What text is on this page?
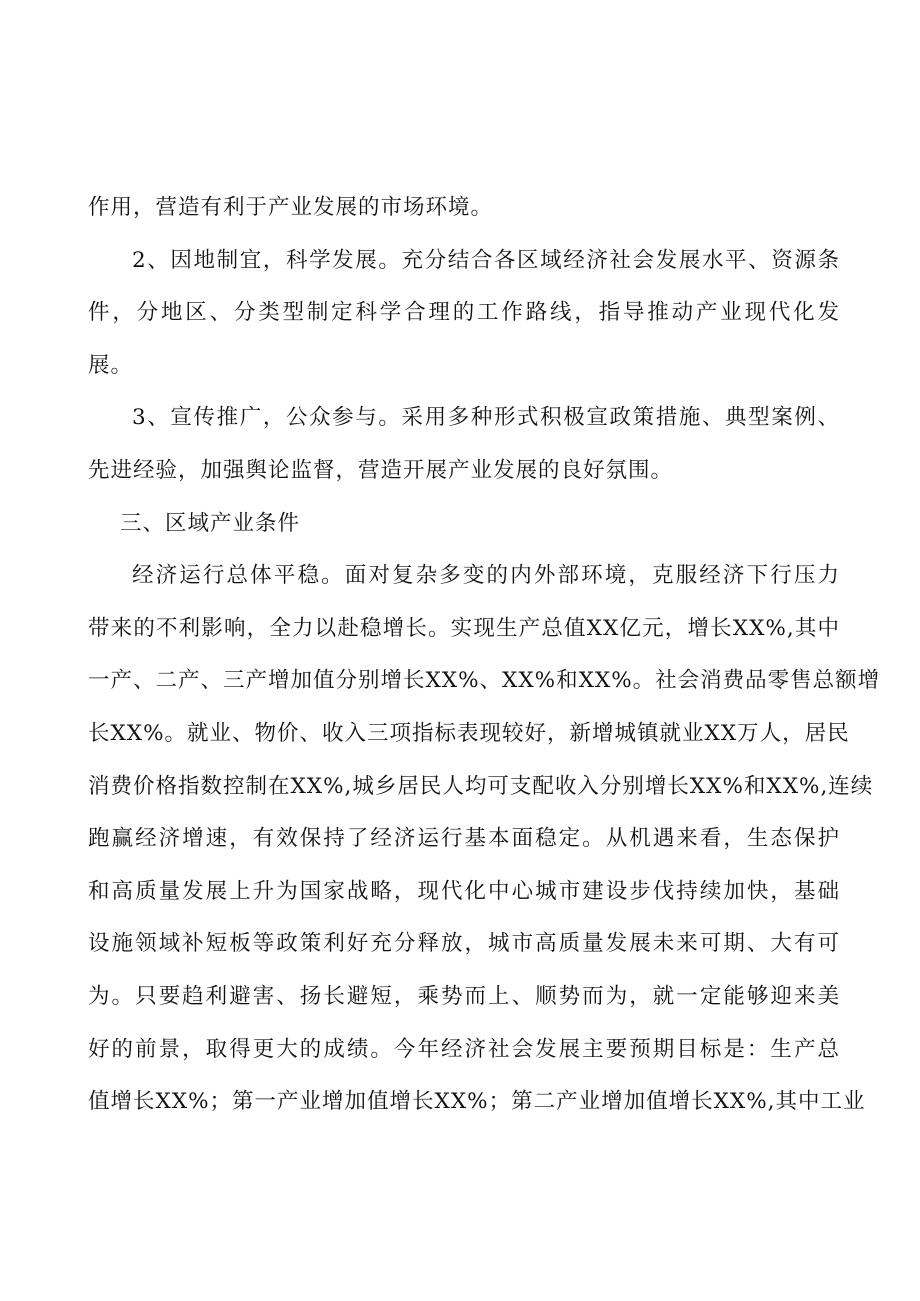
作用，营造有利于产业发展的市场环境。
2、因地制宜，科学发展。充分结合各区域经济社会发展水平、资源条
件，分地区、分类型制定科学合理的工作路线，指导推动产业现代化发
展。
3、宣传推广，公众参与。采用多种形式积极宣政策措施、典型案例、
先进经验，加强舆论监督，营造开展产业发展的良好氛围。
三、区域产业条件
经济运行总体平稳。面对复杂多变的内外部环境，克服经济下行压力
带来的不利影响，全力以赴稳增长。实现生产总值XX亿元，增长XX%,其中
一产、二产、三产增加值分别增长XX%、XX%和XX%。社会消费品零售总额增
长XX%。就业、物价、收入三项指标表现较好，新增城镇就业XX万人，居民
消费价格指数控制在XX%,城乡居民人均可支配收入分别增长XX%和XX%,连续
跑赢经济增速，有效保持了经济运行基本面稳定。从机遇来看，生态保护
和高质量发展上升为国家战略，现代化中心城市建设步伐持续加快，基础
设施领域补短板等政策利好充分释放，城市高质量发展未来可期、大有可
为。只要趋利避害、扬长避短，乘势而上、顺势而为，就一定能够迎来美
好的前景，取得更大的成绩。今年经济社会发展主要预期目标是：生产总
值增长XX%；第一产业增加值增长XX%；第二产业增加值增长XX%,其中工业
